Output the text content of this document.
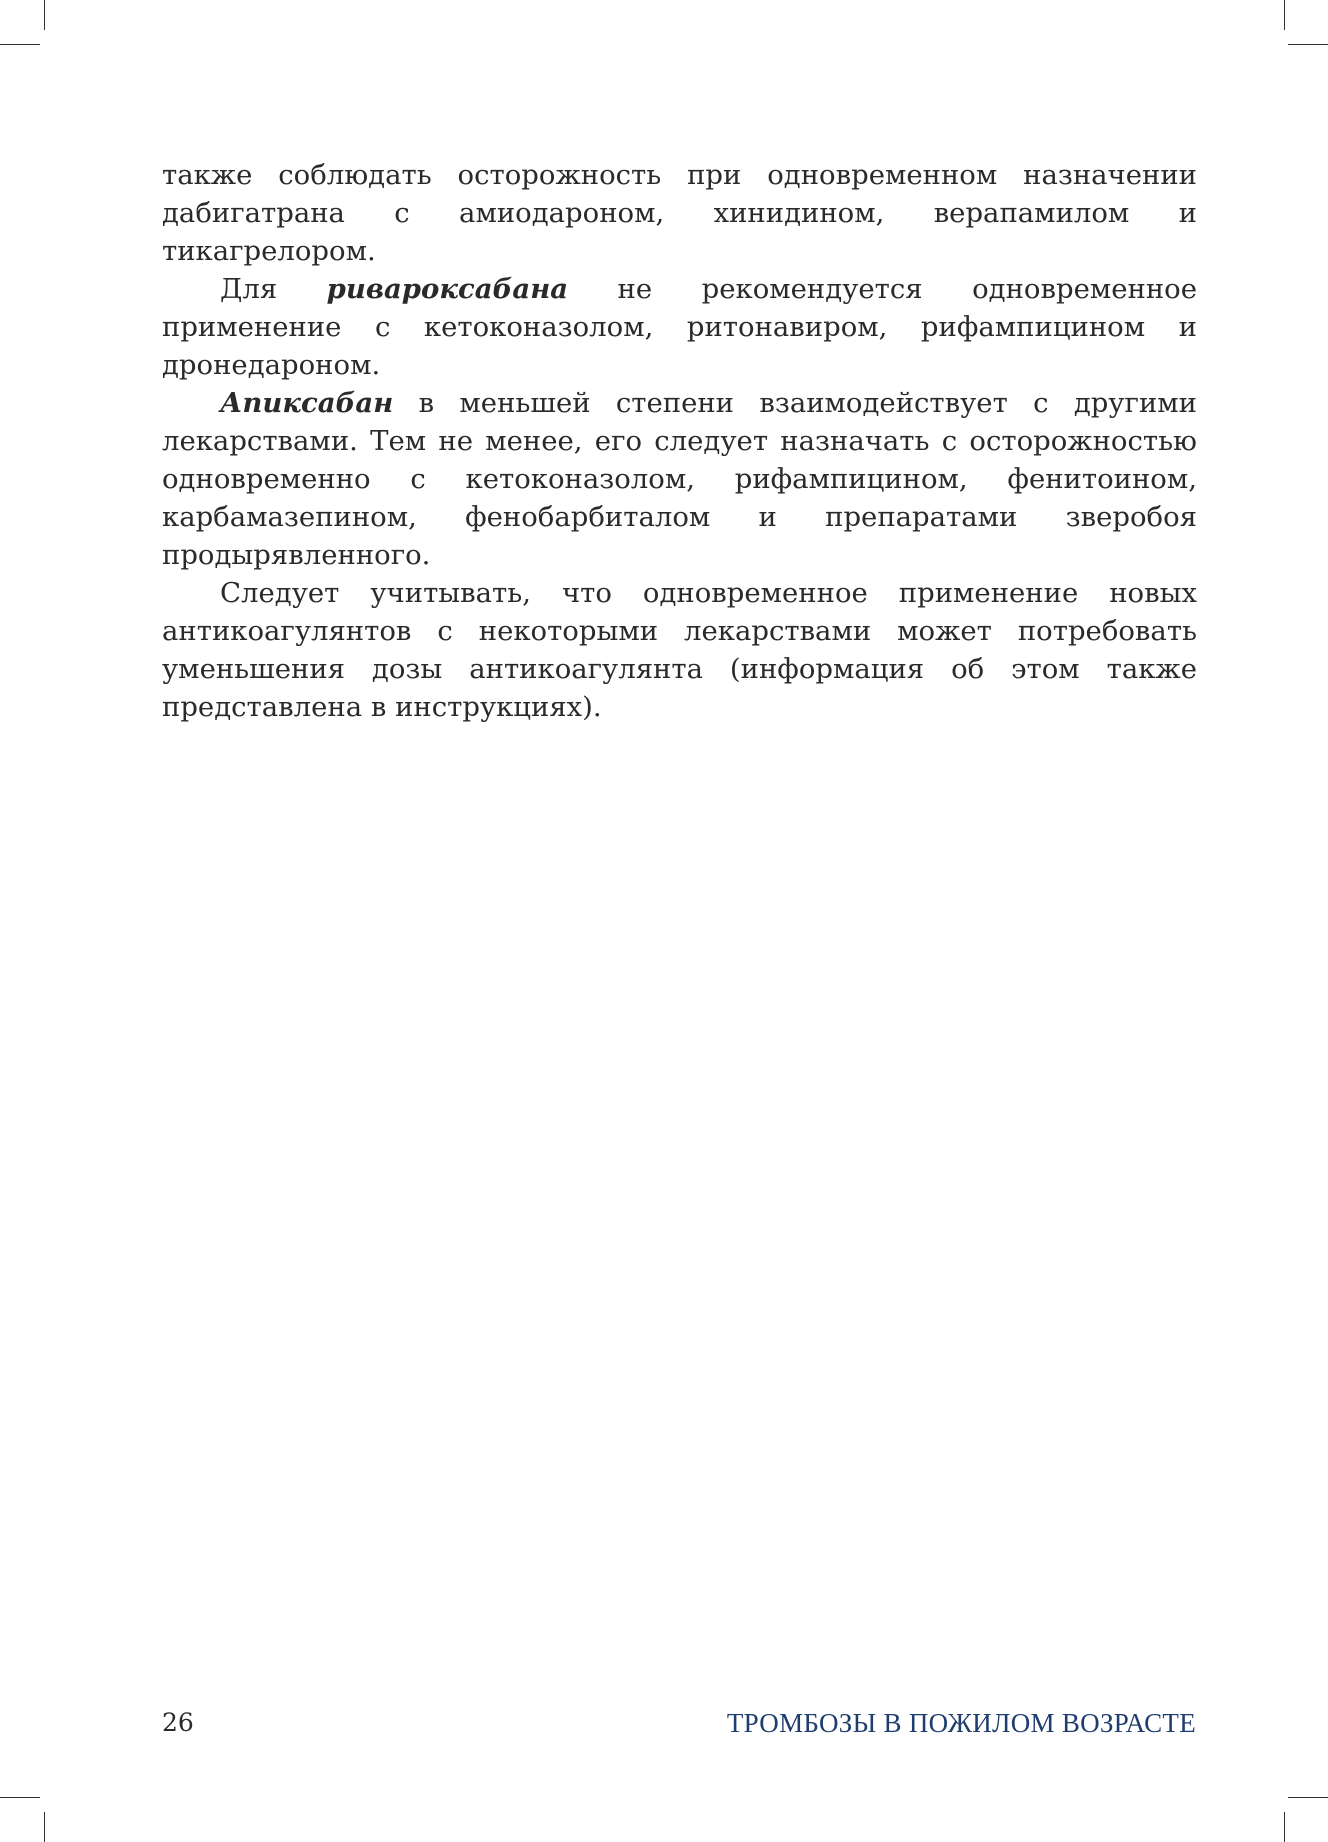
также соблюдать осторожность при одновременном назначении дабигатрана с амиодароном, хинидином, верапамилом и тикагрелором.

Для ривароксабана не рекомендуется одновременное применение с кетоконазолом, ритонавиром, рифампицином и дронедароном.

Апиксабан в меньшей степени взаимодействует с другими лекарствами. Тем не менее, его следует назначать с осторожностью одновременно с кетоконазолом, рифампицином, фенитоином, карбамазепином, фенобарбиталом и препаратами зверобоя продырявленного.

Следует учитывать, что одновременное применение новых антикоагулянтов с некоторыми лекарствами может потребовать уменьшения дозы антикоагулянта (информация об этом также представлена в инструкциях).

26	ТРОМБОЗЫ В ПОЖИЛОМ ВОЗРАСТЕ
